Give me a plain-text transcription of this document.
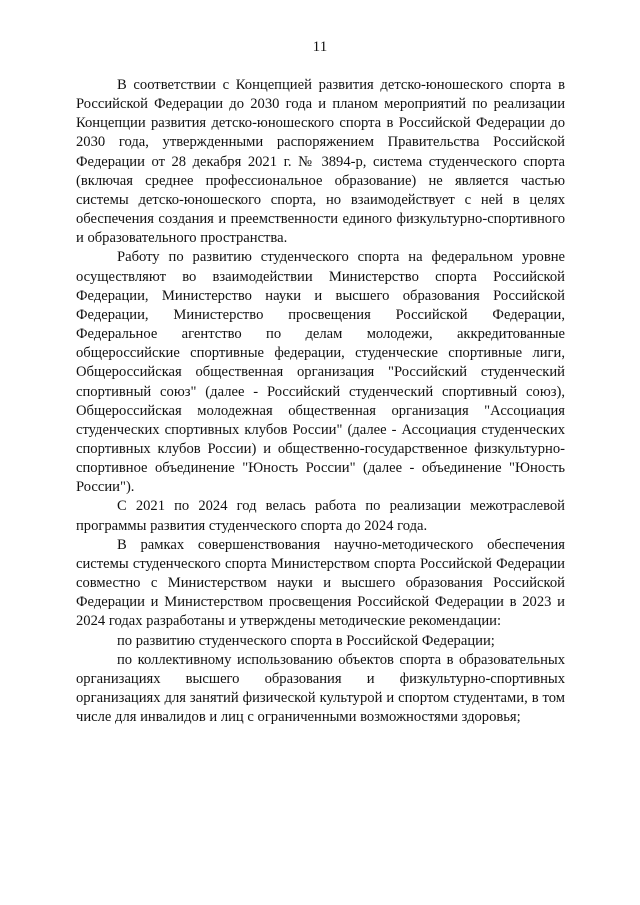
11

В соответствии с Концепцией развития детско-юношеского спорта в Российской Федерации до 2030 года и планом мероприятий по реализации Концепции развития детско-юношеского спорта в Российской Федерации до 2030 года, утвержденными распоряжением Правительства Российской Федерации от 28 декабря 2021 г. № 3894-р, система студенческого спорта (включая среднее профессиональное образование) не является частью системы детско-юношеского спорта, но взаимодействует с ней в целях обеспечения создания и преемственности единого физкультурно-спортивного и образовательного пространства.

Работу по развитию студенческого спорта на федеральном уровне осуществляют во взаимодействии Министерство спорта Российской Федерации, Министерство науки и высшего образования Российской Федерации, Министерство просвещения Российской Федерации, Федеральное агентство по делам молодежи, аккредитованные общероссийские спортивные федерации, студенческие спортивные лиги, Общероссийская общественная организация "Российский студенческий спортивный союз" (далее - Российский студенческий спортивный союз), Общероссийская молодежная общественная организация "Ассоциация студенческих спортивных клубов России" (далее - Ассоциация студенческих спортивных клубов России) и общественно-государственное физкультурно-спортивное объединение "Юность России" (далее - объединение "Юность России").

С 2021 по 2024 год велась работа по реализации межотраслевой программы развития студенческого спорта до 2024 года.

В рамках совершенствования научно-методического обеспечения системы студенческого спорта Министерством спорта Российской Федерации совместно с Министерством науки и высшего образования Российской Федерации и Министерством просвещения Российской Федерации в 2023 и 2024 годах разработаны и утверждены методические рекомендации:

по развитию студенческого спорта в Российской Федерации;

по коллективному использованию объектов спорта в образовательных организациях высшего образования и физкультурно-спортивных организациях для занятий физической культурой и спортом студентами, в том числе для инвалидов и лиц с ограниченными возможностями здоровья;
